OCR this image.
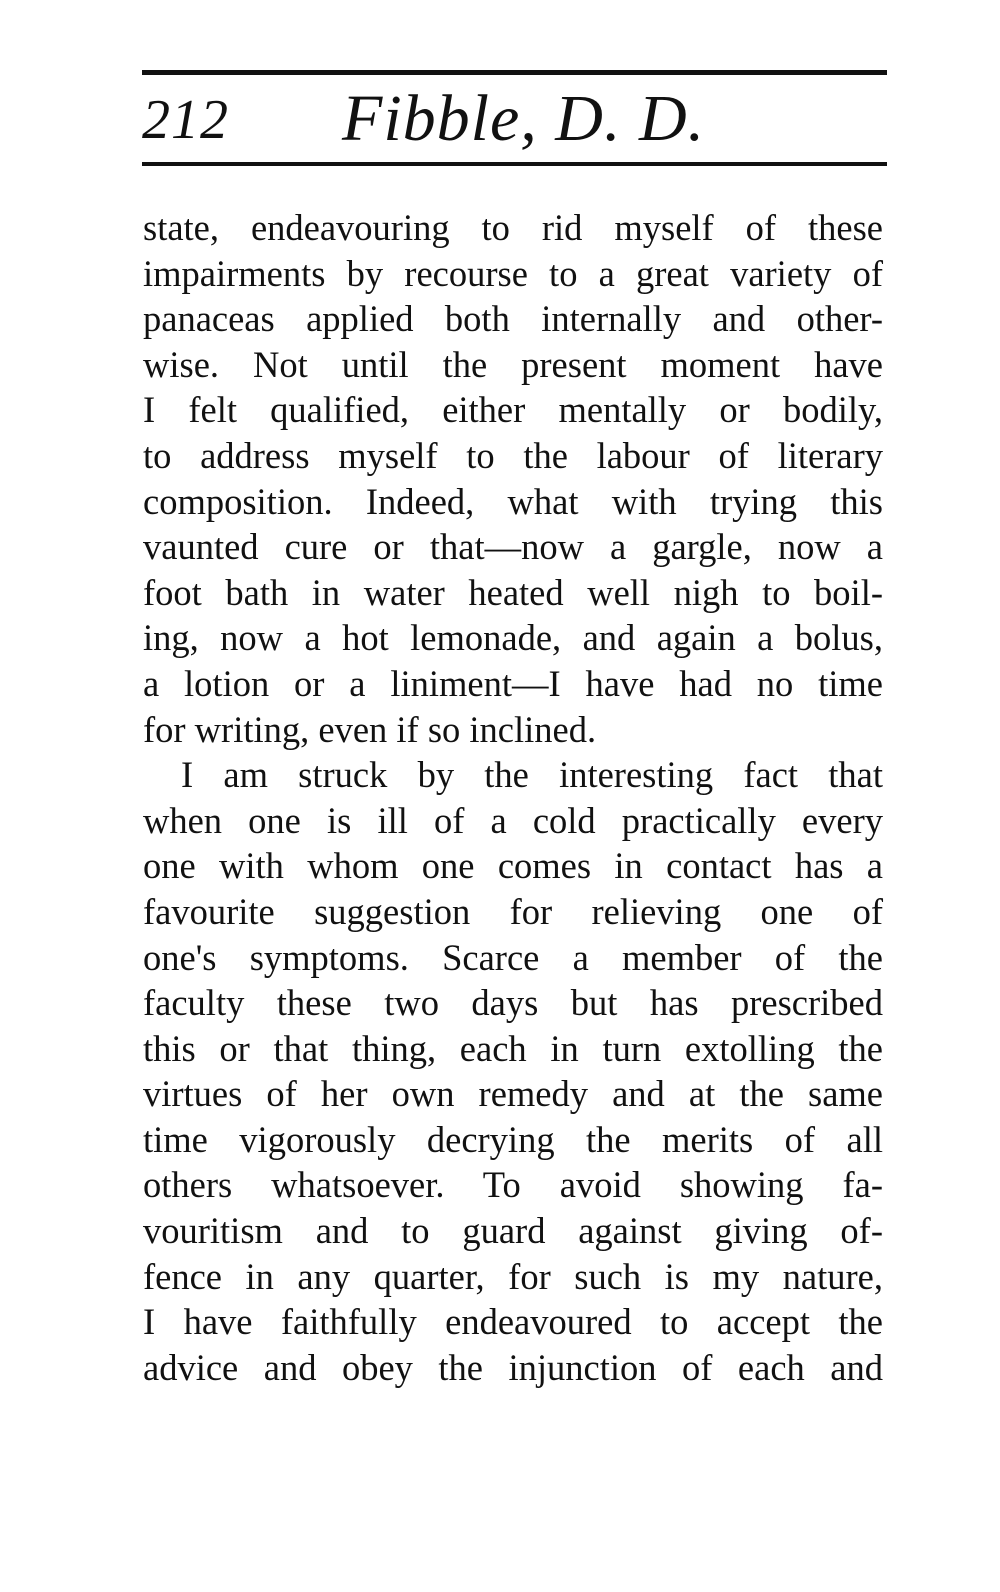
212 Fibble, D. D.
state, endeavouring to rid myself of these
impairments by recourse to a great variety of
panaceas applied both internally and other-
wise. Not until the present moment have
I felt qualified, either mentally or bodily,
to address myself to the labour of literary
composition. Indeed, what with trying this
vaunted cure or that—now a gargle, now a
foot bath in water heated well nigh to boil-
ing, now a hot lemonade, and again a bolus,
a lotion or a liniment—I have had no time
for writing, even if so inclined.
I am struck by the interesting fact that
when one is ill of a cold practically every
one with whom one comes in contact has a
favourite suggestion for relieving one of
one's symptoms. Scarce a member of the
faculty these two days but has prescribed
this or that thing, each in turn extolling the
virtues of her own remedy and at the same
time vigorously decrying the merits of all
others whatsoever. To avoid showing fa-
vouritism and to guard against giving of-
fence in any quarter, for such is my nature,
I have faithfully endeavoured to accept the
advice and obey the injunction of each and
